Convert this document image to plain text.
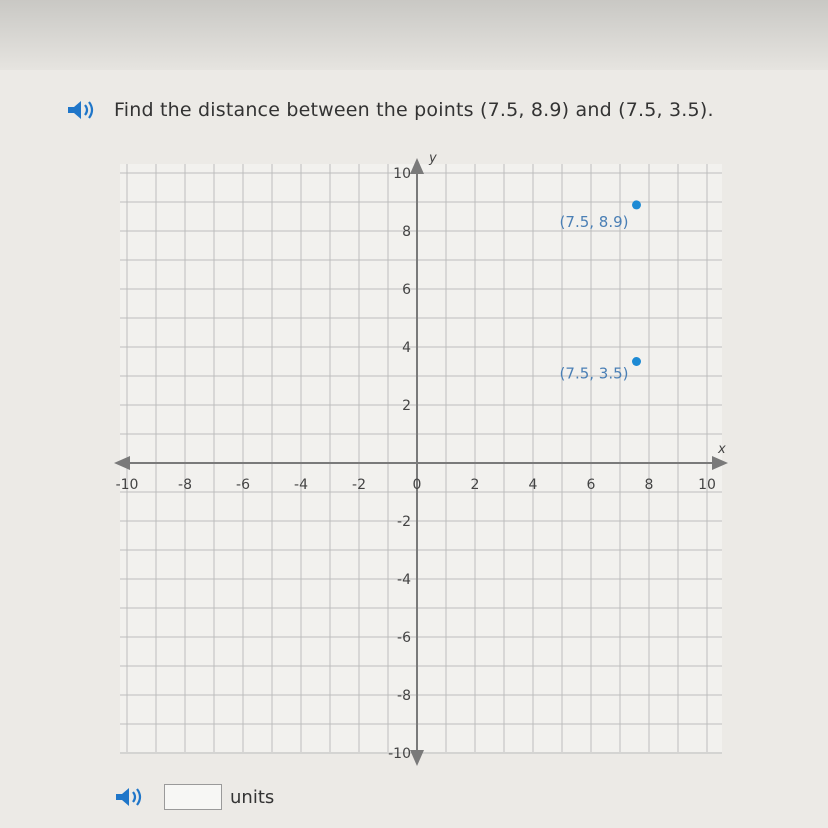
Find the distance between the points (7.5, 8.9) and (7.5, 3.5).
x
y
-10	-8	-6	-4	-2	0	2	4	6	8	10
10
8
6
4
2
-2
-4
-6
-8
-10
(7.5, 8.9)
(7.5, 3.5)
units
